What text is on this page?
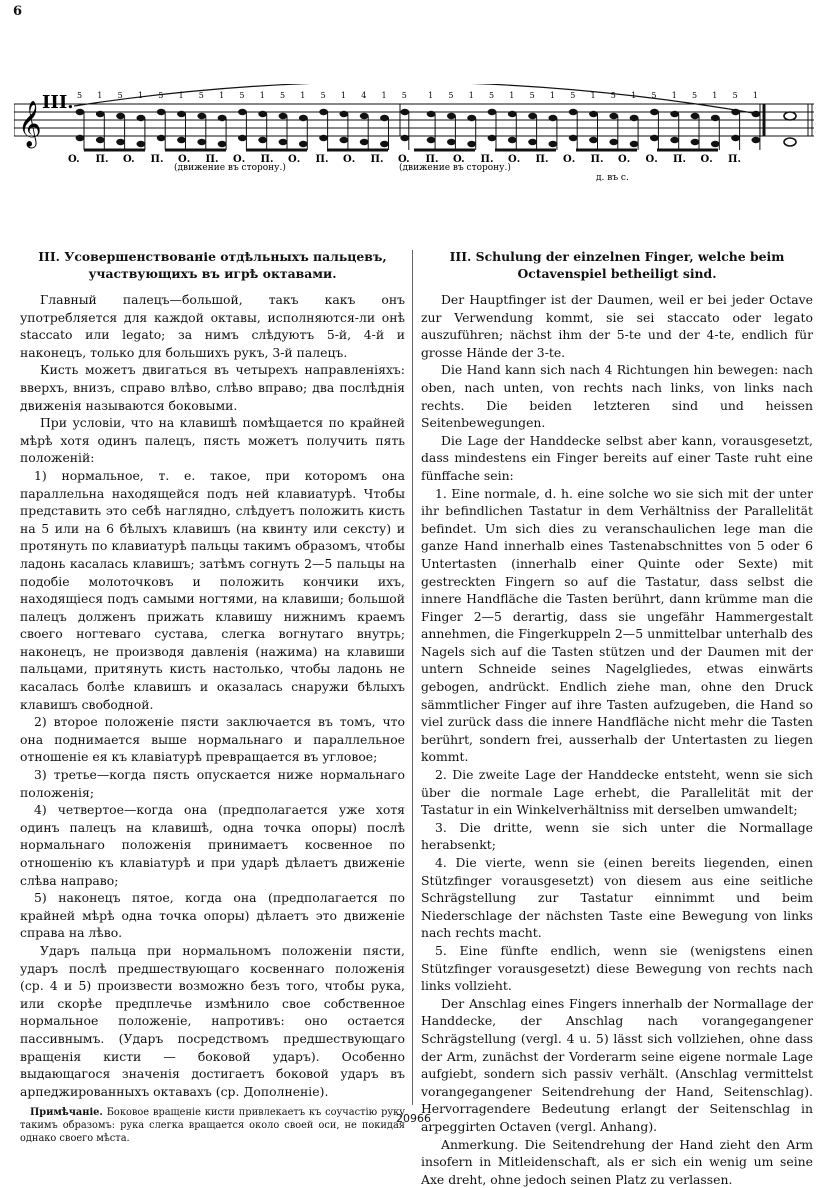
6
𝄞 III. 5 1 5 1 5 1 5 1 5 1 5 1 5 1 4 1 5	1 5 1 5 1 5 1 5 1 5 1 5 1 5 1 5 1
(движение въ сторону.)	(движение въ сторону.)
д. въ с.
O. П. O. П. О. П. О. П. О. П. О. П. O. П. O. П. О. П. О. П. О. О. П. О. П.
III. Усовершенствованіе отдѣльныхъ пальцевъ, участвующихъ въ игрѣ октавами.

Главный палецъ—большой, такъ какъ онъ употребляется для каждой октавы, исполняются-ли онѣ staccato или legato; за нимъ слѣдуютъ 5-й, 4-й и наконецъ, только для большихъ рукъ, 3-й палецъ.

Кисть можетъ двигаться въ четырехъ направленіяхъ: вверхъ, внизъ, справо влѣво, слѣво вправо; два послѣднія движенія называются боковыми.

При условіи, что на клавишѣ помѣщается по крайней мѣрѣ хотя одинъ палецъ, пясть можетъ получить пять положеній:

1) нормальное, т. е. такое, при которомъ она параллельна находящейся подъ ней клавиатурѣ. Чтобы представить это себѣ наглядно, слѣдуетъ положить кисть на 5 или на 6 бѣлыхъ клавишъ (на квинту или сексту) и протянуть по клавиатурѣ пальцы такимъ образомъ, чтобы ладонь касалась клавишъ; затѣмъ согнуть 2—5 пальцы на подобіе молоточковъ и положить кончики ихъ, находящіеся подъ самыми ногтями, на клавиши; большой палецъ долженъ прижать клавишу нижнимъ краемъ своего ногтеваго сустава, слегка вогнутаго внутрь; наконецъ, не производя давленія (нажима) на клавиши пальцами, притянуть кисть настолько, чтобы ладонь не касалась болѣе клавишъ и оказалась снаружи бѣлыхъ клавишъ свободной.

2) второе положеніе пясти заключается въ томъ, что она поднимается выше нормальнаго и параллельное отношеніе ея къ клавіатурѣ превращается въ угловое;

3) третье—когда пясть опускается ниже нормальнаго положенія;

4) четвертое—когда она (предполагается уже хотя одинъ палецъ на клавишѣ, одна точка опоры) послѣ нормальнаго положенія принимаетъ косвенное по отношенію къ клавіатурѣ и при ударѣ дѣлаетъ движеніе слѣва направо;

5) наконецъ пятое, когда она (предполагается по крайней мѣрѣ одна точка опоры) дѣлаетъ это движеніе справа на лѣво.

Ударъ пальца при нормальномъ положеніи пясти, ударъ послѣ предшествующаго косвеннаго положенія (ср. 4 и 5) произвести возможно безъ того, чтобы рука, или скорѣе предплечье измѣнило свое собственное нормальное положеніе, напротивъ: оно остается пассивнымъ. (Ударъ посредствомъ предшествующаго вращенія кисти — боковой ударъ). Особенно выдающагося значенія достигаетъ боковой ударъ въ арпеджированныхъ октавахъ (ср. Дополненіе).

Примѣчаніе. Боковое вращеніе кисти привлекаетъ къ соучастію руку такимъ образомъ: рука слегка вращается около своей оси, не покидая однако своего мѣста.
III. Schulung der einzelnen Finger, welche beim Octavenspiel betheiligt sind.

Der Hauptfinger ist der Daumen, weil er bei jeder Octave zur Verwendung kommt, sie sei staccato oder legato auszuführen; nächst ihm der 5-te und der 4-te, endlich für grosse Hände der 3-te.

Die Hand kann sich nach 4 Richtungen hin bewegen: nach oben, nach unten, von rechts nach links, von links nach rechts. Die beiden letzteren sind und heissen Seitenbewegungen.

Die Lage der Handdecke selbst aber kann, vorausgesetzt, dass mindestens ein Finger bereits auf einer Taste ruht eine fünffache sein:

1. Eine normale, d. h. eine solche wo sie sich mit der unter ihr befindlichen Tastatur in dem Verhältniss der Parallelität befindet. Um sich dies zu veranschaulichen lege man die ganze Hand innerhalb eines Tastenabschnittes von 5 oder 6 Untertasten (innerhalb einer Quinte oder Sexte) mit gestreckten Fingern so auf die Tastatur, dass selbst die innere Handfläche die Tasten berührt, dann krümme man die Finger 2—5 derartig, dass sie ungefähr Hammergestalt annehmen, die Fingerkuppeln 2—5 unmittelbar unterhalb des Nagels sich auf die Tasten stützen und der Daumen mit der untern Schneide seines Nagelgliedes, etwas einwärts gebogen, andrückt. Endlich ziehe man, ohne den Druck sämmtlicher Finger auf ihre Tasten aufzugeben, die Hand so viel zurück dass die innere Handfläche nicht mehr die Tasten berührt, sondern frei, ausserhalb der Untertasten zu liegen kommt.

2. Die zweite Lage der Handdecke entsteht, wenn sie sich über die normale Lage erhebt, die Parallelität mit der Tastatur in ein Winkelverhältniss mit derselben umwandelt;

3. Die dritte, wenn sie sich unter die Normallage herabsenkt;

4. Die vierte, wenn sie (einen bereits liegenden, einen Stützfinger vorausgesetzt) von diesem aus eine seitliche Schrägstellung zur Tastatur einnimmt und beim Niederschlage der nächsten Taste eine Bewegung von links nach rechts macht.

5. Eine fünfte endlich, wenn sie (wenigstens einen Stützfinger vorausgesetzt) diese Bewegung von rechts nach links vollzieht.

Der Anschlag eines Fingers innerhalb der Normallage der Handdecke, der Anschlag nach vorangegangener Schrägstellung (vergl. 4 u. 5) lässt sich vollziehen, ohne dass der Arm, zunächst der Vorderarm seine eigene normale Lage aufgiebt, sondern sich passiv verhält. (Anschlag vermittelst vorangegangener Seitendrehung der Hand, Seitenschlag). Hervorragendere Bedeutung erlangt der Seitenschlag in arpeggirten Octaven (vergl. Anhang).

Anmerkung. Die Seitendrehung der Hand zieht den Arm insofern in Mitleidenschaft, als er sich ein wenig um seine Axe dreht, ohne jedoch seinen Platz zu verlassen.

20966
